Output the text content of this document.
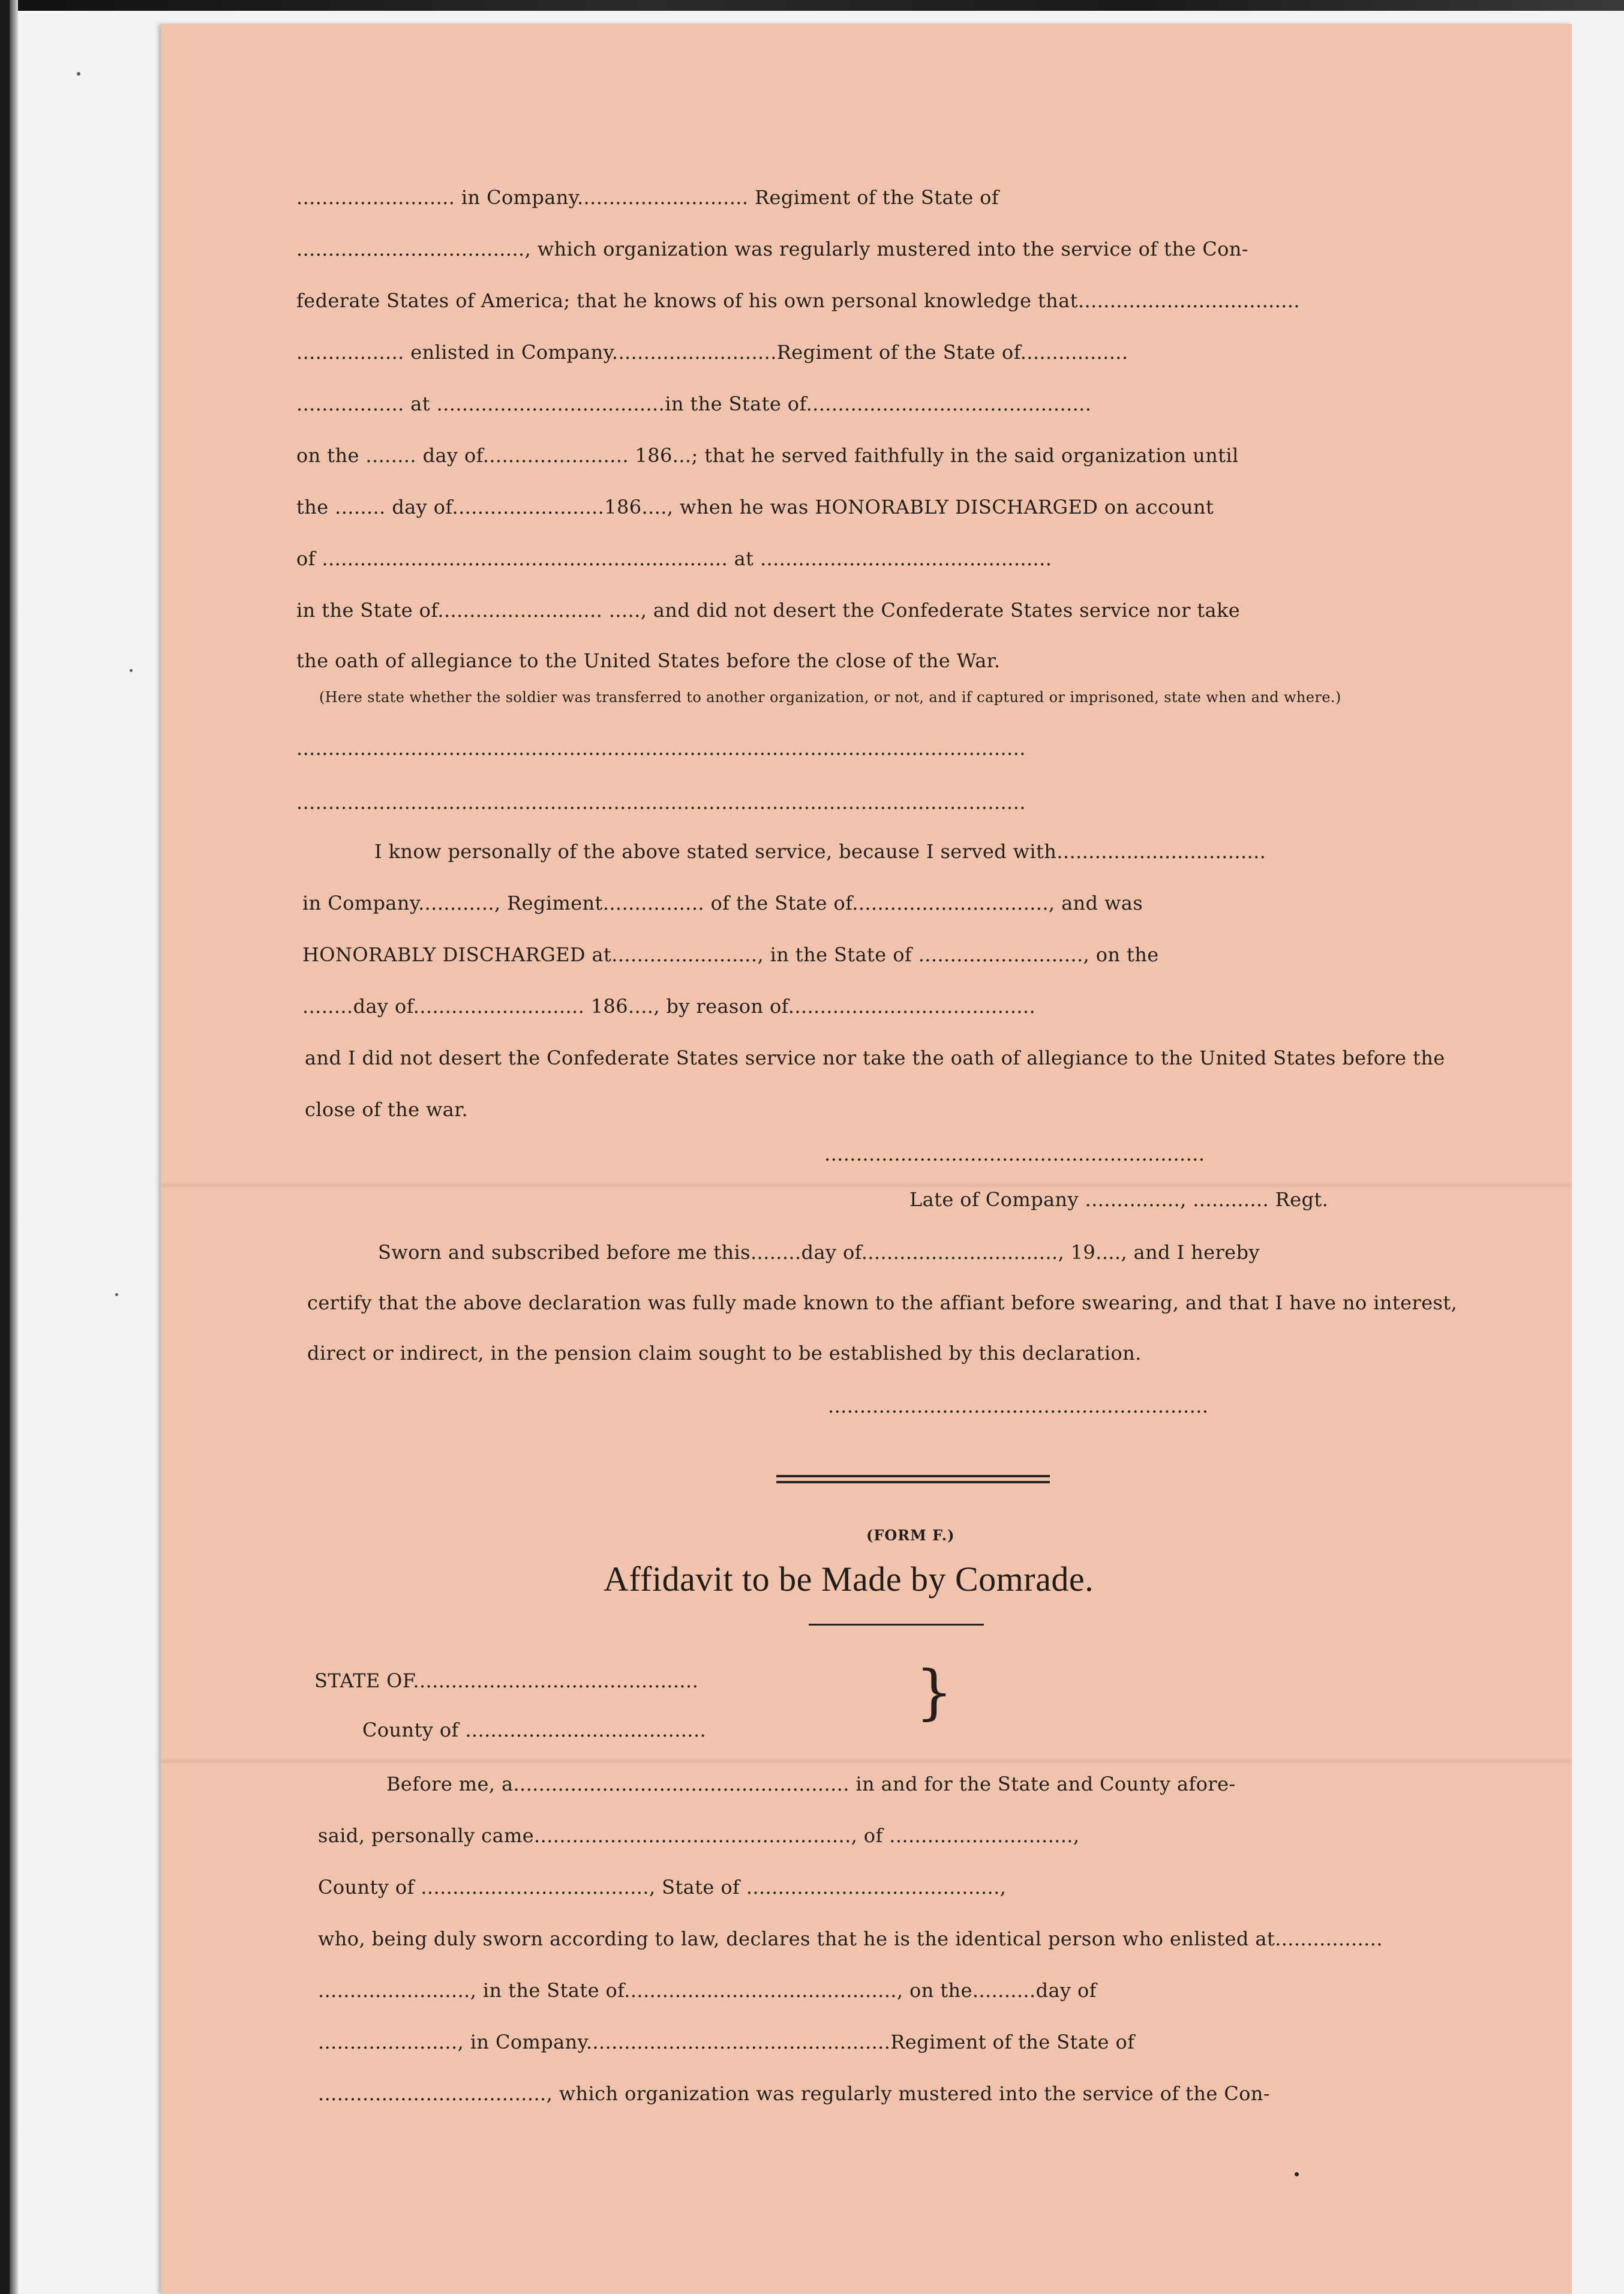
......................... in Company........................... Regiment of the State of
...................................., which organization was regularly mustered into the service of the Con-
federate States of America; that he knows of his own personal knowledge that...................................
................. enlisted in Company..........................Regiment of the State of.................
................. at ....................................in the State of.............................................
on the ........ day of....................... 186...; that he served faithfully in the said organization until
the ........ day of........................186...., when he was HONORABLY DISCHARGED on account
of ................................................................ at ..............................................
in the State of.......................... ....., and did not desert the Confederate States service nor take
the oath of allegiance to the United States before the close of the War.
(Here state whether the soldier was transferred to another organization, or not, and if captured or imprisoned, state when and where.)
...................................................................................................................
...................................................................................................................
I know personally of the above stated service, because I served with.................................
in Company............, Regiment................ of the State of..............................., and was
HONORABLY DISCHARGED at......................., in the State of .........................., on the
........day of........................... 186...., by reason of.......................................
and I did not desert the Confederate States service nor take the oath of allegiance to the United States before the
close of the war.
............................................................
Late of Company ..............., ............ Regt.
Sworn and subscribed before me this........day of..............................., 19...., and I hereby
certify that the above declaration was fully made known to the affiant before swearing, and that I have no interest,
direct or indirect, in the pension claim sought to be established by this declaration.
............................................................
(FORM F.)
Affidavit to be Made by Comrade.
STATE OF.............................................
County of ......................................
}
Before me, a..................................................... in and for the State and County afore-
said, personally came.................................................., of .............................,
County of ...................................., State of ........................................,
who, being duly sworn according to law, declares that he is the identical person who enlisted at.................
........................, in the State of..........................................., on the..........day of
......................, in Company................................................Regiment of the State of
...................................., which organization was regularly mustered into the service of the Con-
